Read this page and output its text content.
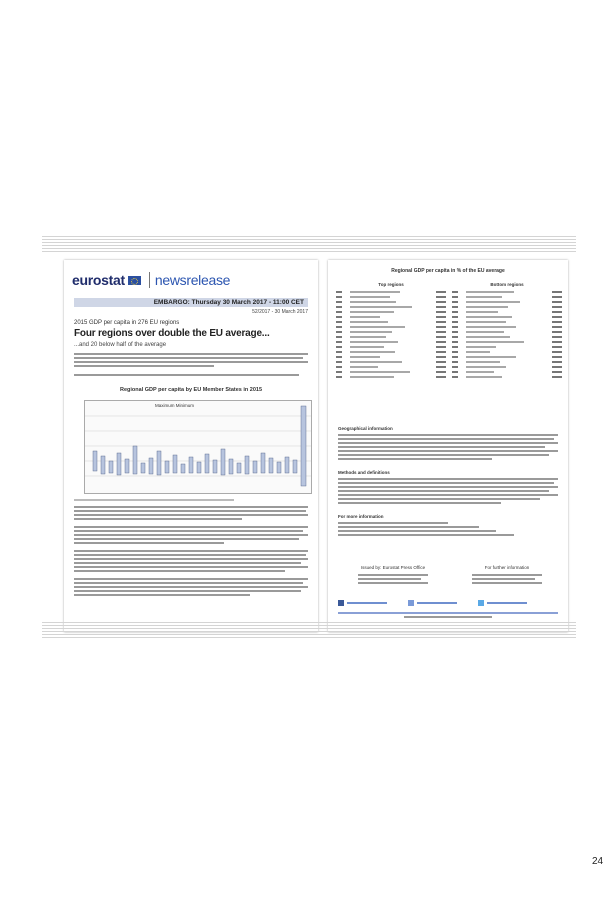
eurostat newsrelease
EMBARGO: Thursday 30 March 2017 - 11:00 CET
52/2017 - 30 March 2017
2015 GDP per capita in 276 EU regions
Four regions over double the EU average...
...and 20 below half of the average
Regional GDP per capita by EU Member States in 2015
Maximum Minimum
Regional GDP per capita in % of the EU average
Top regions	Bottom regions
Geographical information
Methods and definitions
For more information
Issued by: Eurostat Press Office	For further information
24
